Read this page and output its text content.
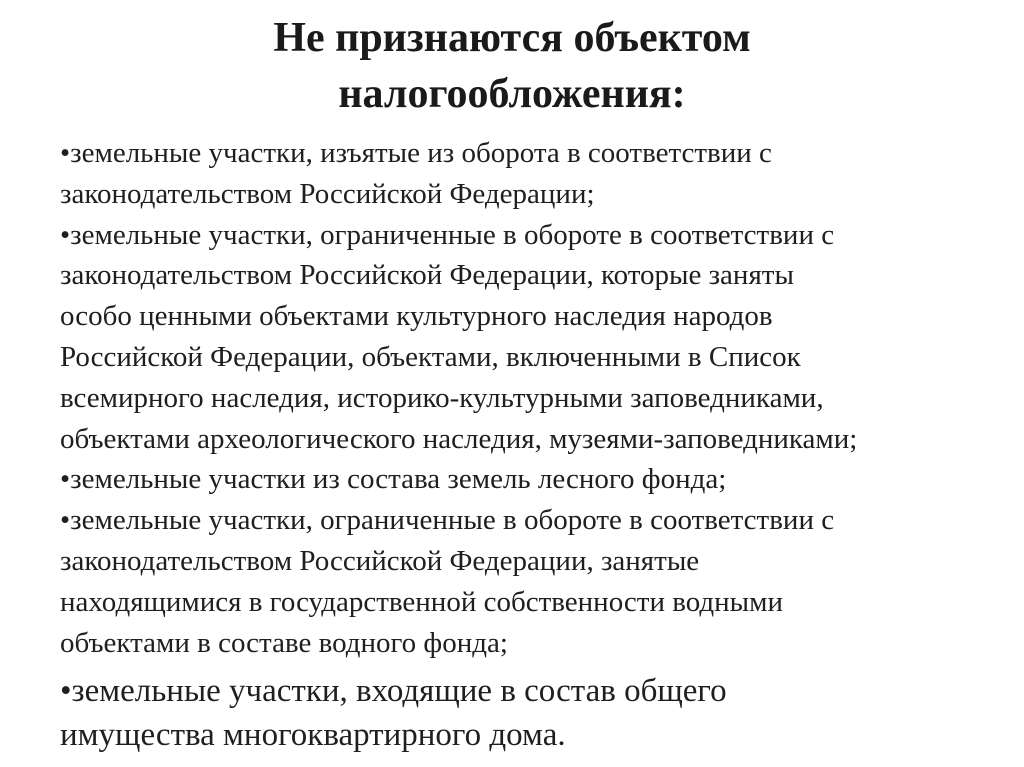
Не признаются объектом
налогообложения:
•земельные участки, изъятые из оборота в соответствии с
законодательством Российской Федерации;
•земельные участки, ограниченные в обороте в соответствии с
законодательством Российской Федерации, которые заняты
особо ценными объектами культурного наследия народов
Российской Федерации, объектами, включенными в Список
всемирного наследия, историко-культурными заповедниками,
объектами археологического наследия, музеями-заповедниками;
•земельные участки из состава земель лесного фонда;
•земельные участки, ограниченные в обороте в соответствии с
законодательством Российской Федерации, занятые
находящимися в государственной собственности водными
объектами в составе водного фонда;
•земельные участки, входящие в состав общего
имущества многоквартирного дома.
